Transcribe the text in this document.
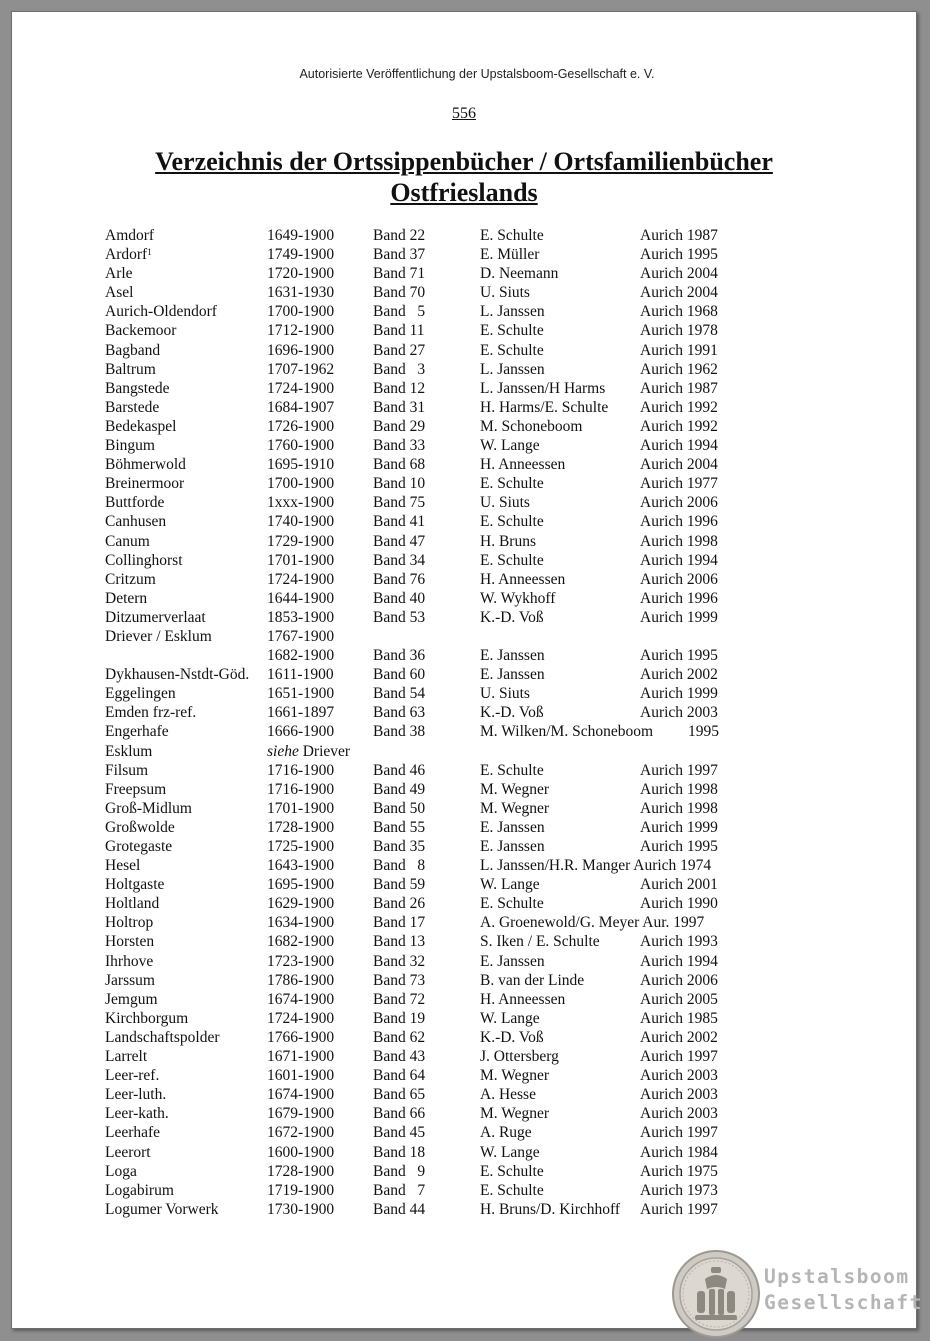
Autorisierte Veröffentlichung der Upstalsboom-Gesellschaft e. V.
556
Verzeichnis der Ortssippenbücher / Ortsfamilienbücher
Ostfrieslands
Amdorf	1649-1900	Band 22	E. Schulte	Aurich 1987
Ardorf$^1$	1749-1900	Band 37	E. Müller	Aurich 1995
Arle	1720-1900	Band 71	D. Neemann	Aurich 2004
Asel	1631-1930	Band 70	U. Siuts	Aurich 2004
Aurich-Oldendorf	1700-1900	Band   5	L. Janssen	Aurich 1968
Backemoor	1712-1900	Band 11	E. Schulte	Aurich 1978
Bagband	1696-1900	Band 27	E. Schulte	Aurich 1991
Baltrum	1707-1962	Band   3	L. Janssen	Aurich 1962
Bangstede	1724-1900	Band 12	L. Janssen/H Harms Aurich 1987
Barstede	1684-1907	Band 31	H. Harms/E. Schulte Aurich 1992
Bedekaspel	1726-1900	Band 29	M. Schoneboom	Aurich 1992
Bingum	1760-1900	Band 33	W. Lange	Aurich 1994
Böhmerwold	1695-1910	Band 68	H. Anneessen	Aurich 2004
Breinermoor	1700-1900	Band 10	E. Schulte	Aurich 1977
Buttforde	1xxx-1900	Band 75	U. Siuts	Aurich 2006
Canhusen	1740-1900	Band 41	E. Schulte	Aurich 1996
Canum	1729-1900	Band 47	H. Bruns	Aurich 1998
Collinghorst	1701-1900	Band 34	E. Schulte	Aurich 1994
Critzum	1724-1900	Band 76	H. Anneessen	Aurich 2006
Detern	1644-1900	Band 40	W. Wykhoff	Aurich 1996
Ditzumerverlaat	1853-1900	Band 53	K.-D. Voß	Aurich 1999
Driever / Esklum	1767-1900
1682-1900	Band 36	E. Janssen	Aurich 1995
Dykhausen-Nstdt-Göd. 1611-1900	Band 60	E. Janssen	Aurich 2002
Eggelingen	1651-1900	Band 54	U. Siuts	Aurich 1999
Emden frz-ref.	1661-1897	Band 63	K.-D. Voß	Aurich 2003
Engerhafe	1666-1900	Band 38	M. Wilken/M. Schoneboom 1995
Esklum	siehe Driever
Filsum	1716-1900	Band 46	E. Schulte	Aurich 1997
Freepsum	1716-1900	Band 49	M. Wegner	Aurich 1998
Groß-Midlum	1701-1900	Band 50	M. Wegner	Aurich 1998
Großwolde	1728-1900	Band 55	E. Janssen	Aurich 1999
Grotegaste	1725-1900	Band 35	E. Janssen	Aurich 1995
Hesel	1643-1900	Band   8	L. Janssen/H.R. Manger Aurich 1974
Holtgaste	1695-1900	Band 59	W. Lange	Aurich 2001
Holtland	1629-1900	Band 26	E. Schulte	Aurich 1990
Holtrop	1634-1900	Band 17	A. Groenewold/G. Meyer Aur. 1997
Horsten	1682-1900	Band 13	S. Iken / E. Schulte	Aurich 1993
Ihrhove	1723-1900	Band 32	E. Janssen	Aurich 1994
Jarssum	1786-1900	Band 73	B. van der Linde	Aurich 2006
Jemgum	1674-1900	Band 72	H. Anneessen	Aurich 2005
Kirchborgum	1724-1900	Band 19	W. Lange	Aurich 1985
Landschaftspolder	1766-1900	Band 62	K.-D. Voß	Aurich 2002
Larrelt	1671-1900	Band 43	J. Ottersberg	Aurich 1997
Leer-ref.	1601-1900	Band 64	M. Wegner	Aurich 2003
Leer-luth.	1674-1900	Band 65	A. Hesse	Aurich 2003
Leer-kath.	1679-1900	Band 66	M. Wegner	Aurich 2003
Leerhafe	1672-1900	Band 45	A. Ruge	Aurich 1997
Leerort	1600-1900	Band 18	W. Lange	Aurich 1984
Loga	1728-1900	Band   9	E. Schulte	Aurich 1975
Logabirum	1719-1900	Band   7	E. Schulte	Aurich 1973
Logumer Vorwerk	1730-1900	Band 44	H. Bruns/D. Kirchhoff Aurich 1997
Upstalsboom
Gesellschaft
